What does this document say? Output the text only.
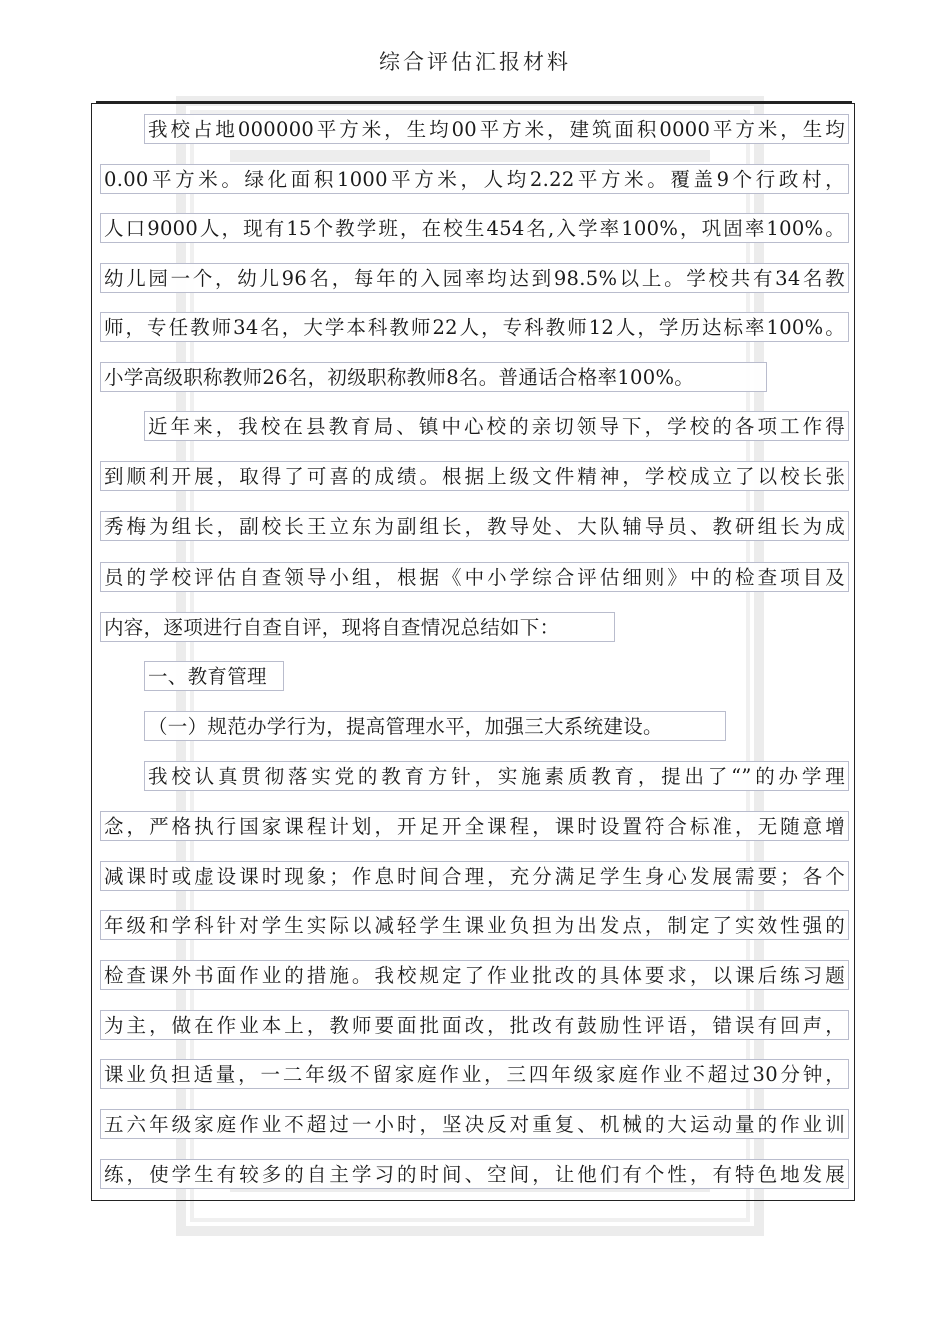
综合评估汇报材料
我校占地000000平方米，生均00平方米，建筑面积0000平方米，生均
0.00平方米。绿化面积1000平方米，人均2.22平方米。覆盖9个行政村，
人口9000人，现有15个教学班，在校生454名,入学率100%，巩固率100%。
幼儿园一个，幼儿96名，每年的入园率均达到98.5%以上。学校共有34名教
师，专任教师34名，大学本科教师22人，专科教师12人，学历达标率100%。
小学高级职称教师26名，初级职称教师8名。普通话合格率100%。
近年来，我校在县教育局、镇中心校的亲切领导下，学校的各项工作得
到顺利开展，取得了可喜的成绩。根据上级文件精神，学校成立了以校长张
秀梅为组长，副校长王立东为副组长，教导处、大队辅导员、教研组长为成
员的学校评估自查领导小组，根据《中小学综合评估细则》中的检查项目及
内容，逐项进行自查自评，现将自查情况总结如下：
一、教育管理
（一）规范办学行为，提高管理水平，加强三大系统建设。
我校认真贯彻落实党的教育方针，实施素质教育，提出了“”的办学理
念，严格执行国家课程计划，开足开全课程，课时设置符合标准，无随意增
减课时或虚设课时现象；作息时间合理，充分满足学生身心发展需要；各个
年级和学科针对学生实际以减轻学生课业负担为出发点，制定了实效性强的
检查课外书面作业的措施。我校规定了作业批改的具体要求，以课后练习题
为主，做在作业本上，教师要面批面改，批改有鼓励性评语，错误有回声，
课业负担适量，一二年级不留家庭作业，三四年级家庭作业不超过30分钟，
五六年级家庭作业不超过一小时，坚决反对重复、机械的大运动量的作业训
练，使学生有较多的自主学习的时间、空间，让他们有个性，有特色地发展
